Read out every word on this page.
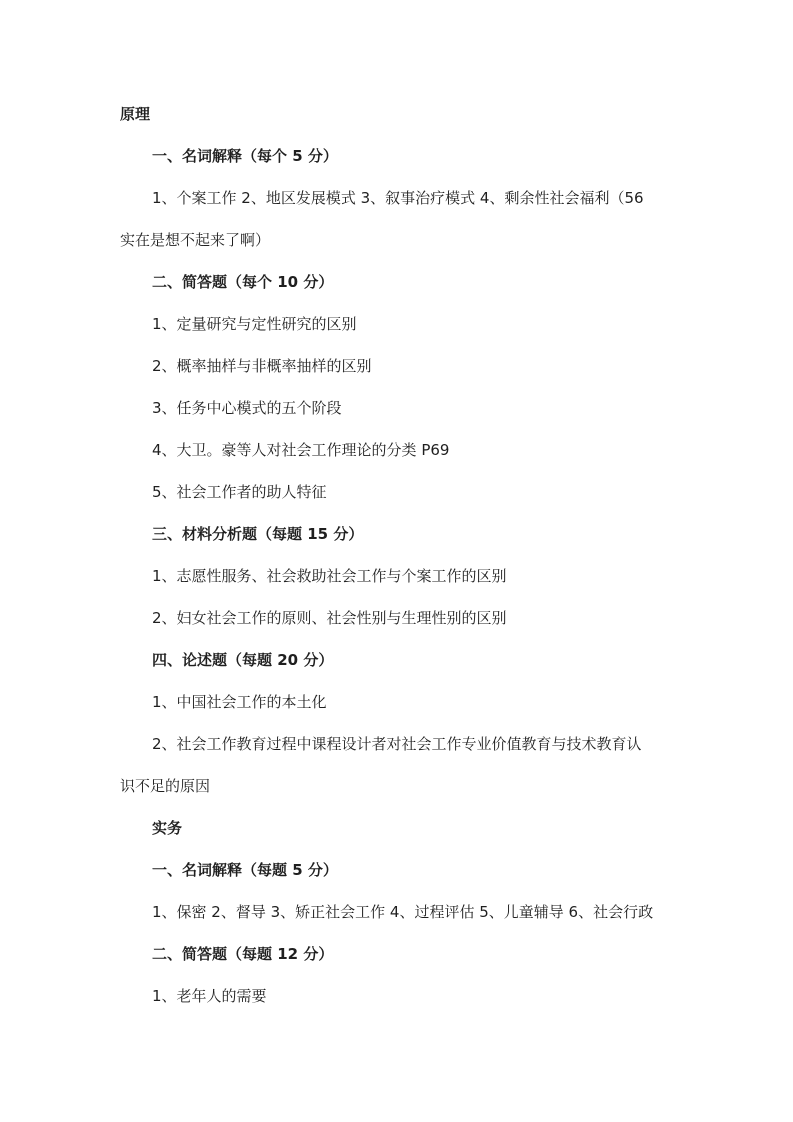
原理
一、名词解释（每个 5 分）
1、个案工作 2、地区发展模式 3、叙事治疗模式 4、剩余性社会福利（56
实在是想不起来了啊）
二、简答题（每个 10 分）
1、定量研究与定性研究的区别
2、概率抽样与非概率抽样的区别
3、任务中心模式的五个阶段
4、大卫。豪等人对社会工作理论的分类 P69
5、社会工作者的助人特征
三、材料分析题（每题 15 分）
1、志愿性服务、社会救助社会工作与个案工作的区别
2、妇女社会工作的原则、社会性别与生理性别的区别
四、论述题（每题 20 分）
1、中国社会工作的本土化
2、社会工作教育过程中课程设计者对社会工作专业价值教育与技术教育认
识不足的原因
实务
一、名词解释（每题 5 分）
1、保密 2、督导 3、矫正社会工作 4、过程评估 5、儿童辅导 6、社会行政
二、简答题（每题 12 分）
1、老年人的需要
